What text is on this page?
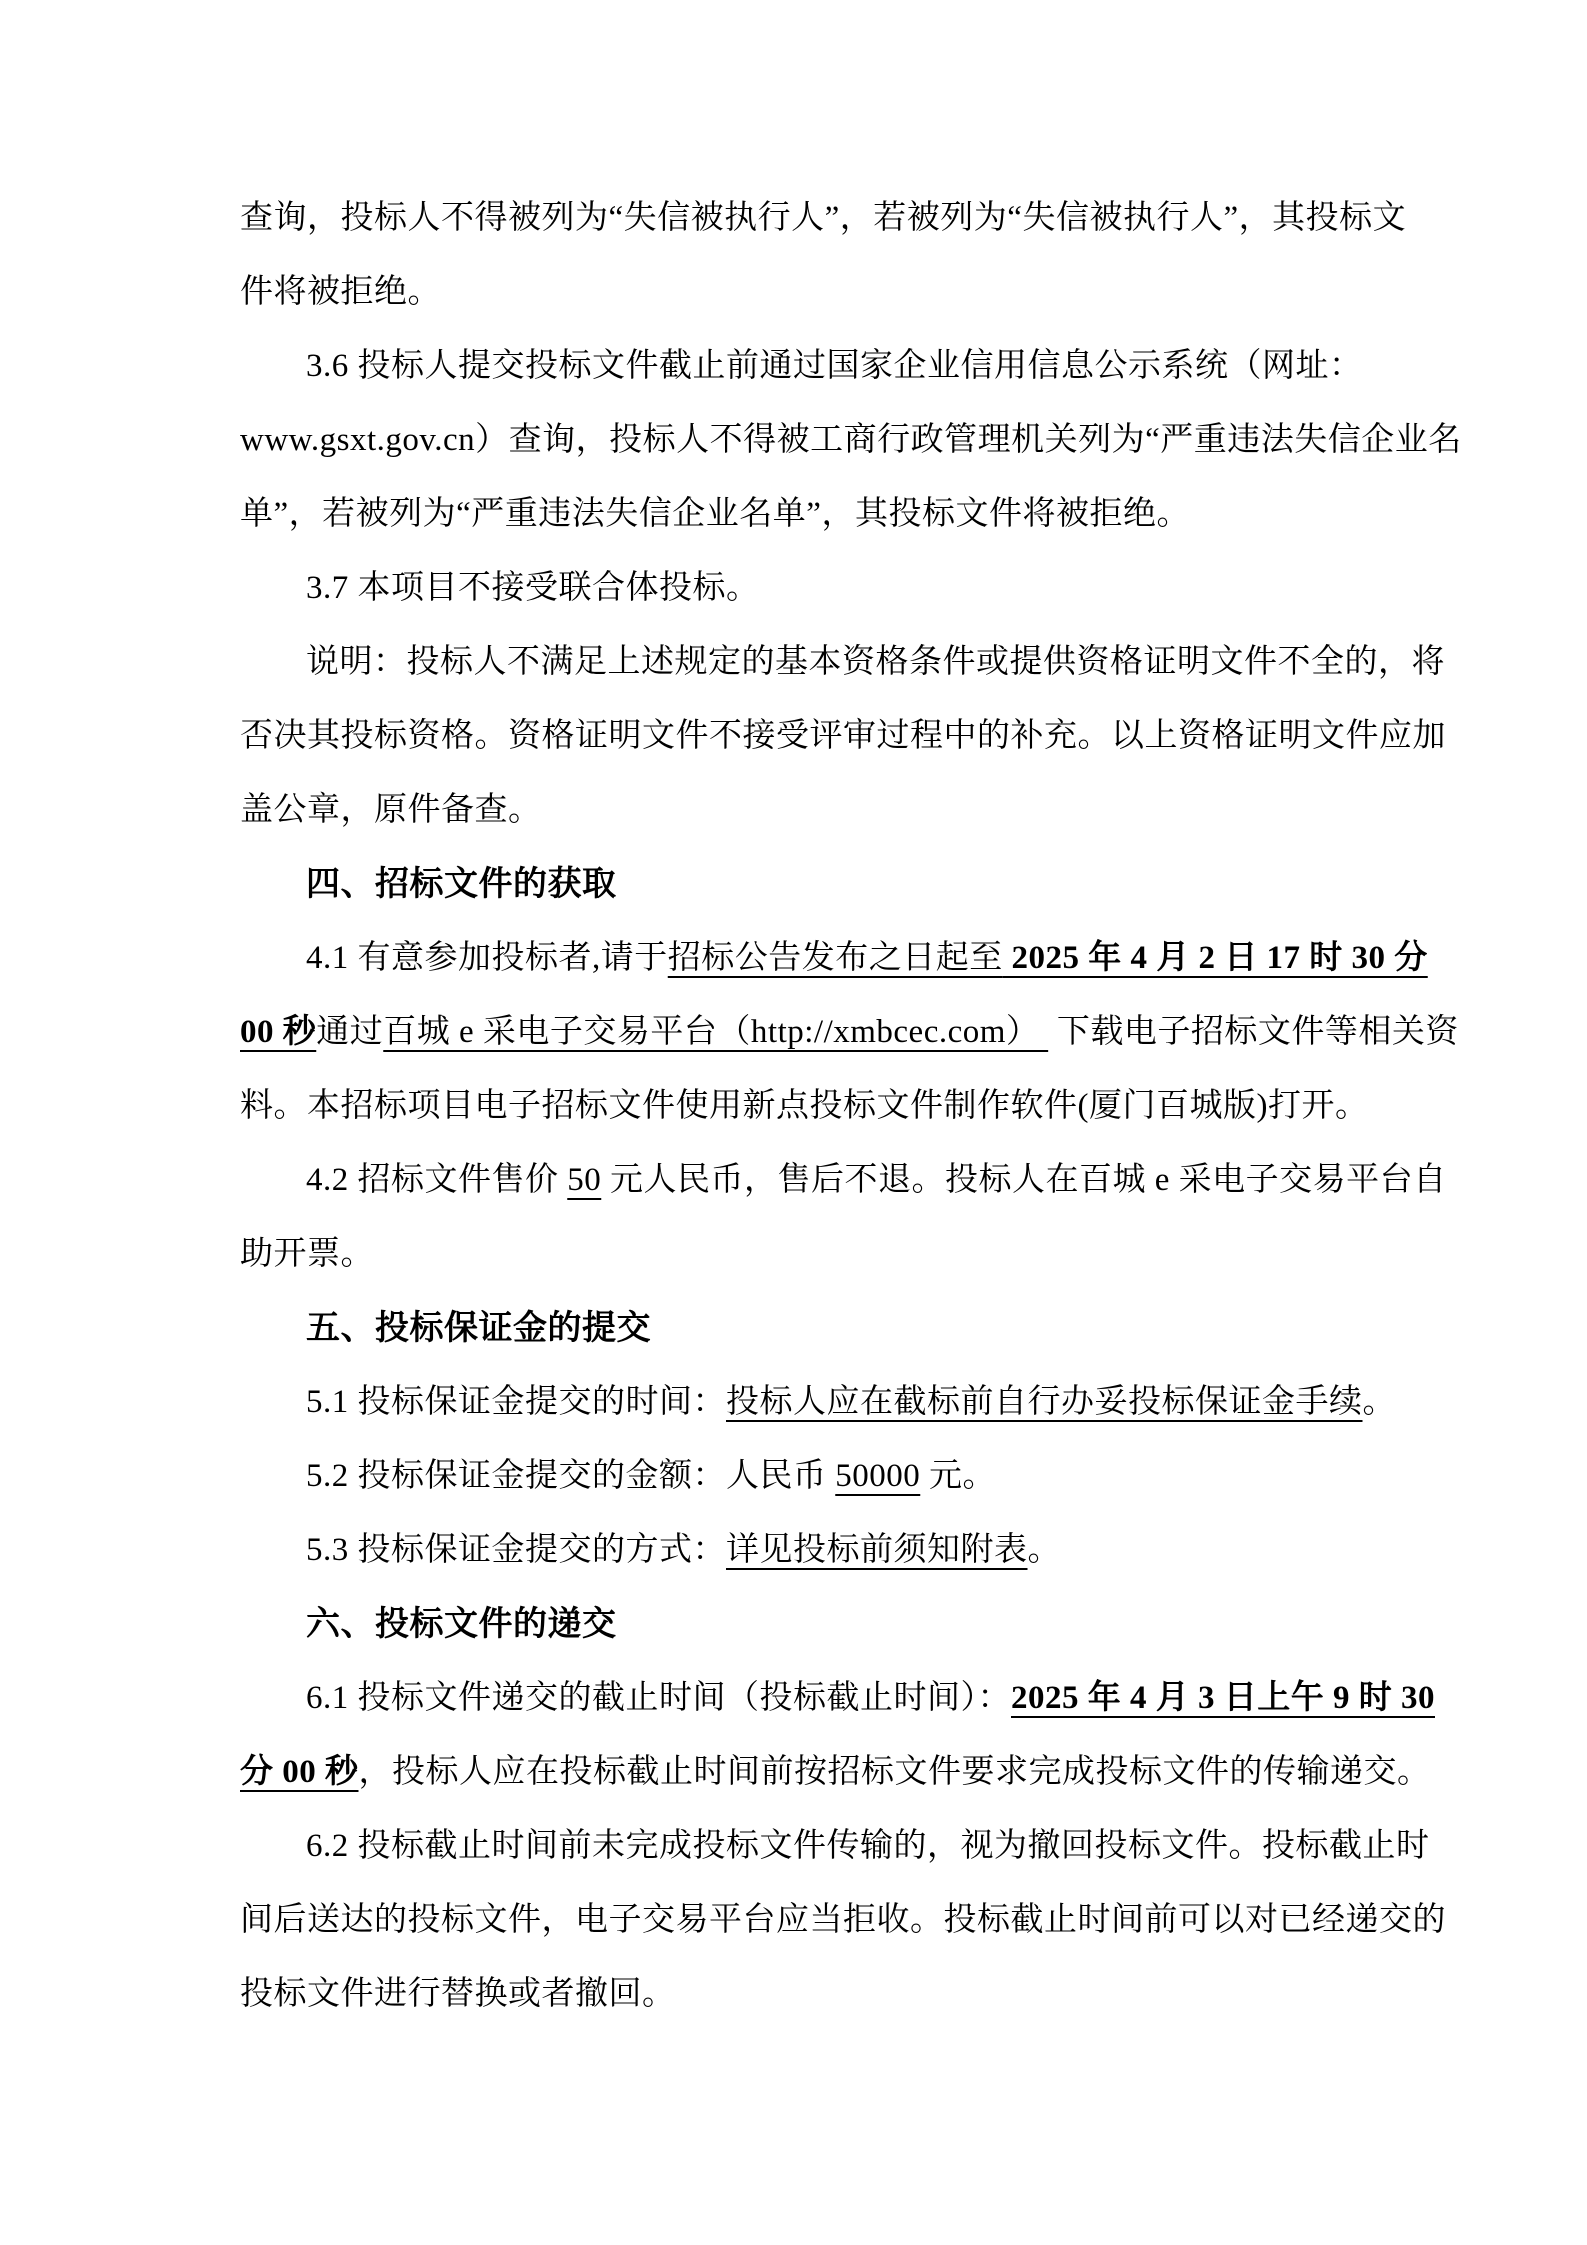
查询，投标人不得被列为“失信被执行人”，若被列为“失信被执行人”，其投标文
件将被拒绝。
3.6 投标人提交投标文件截止前通过国家企业信用信息公示系统（网址：
www.gsxt.gov.cn）查询，投标人不得被工商行政管理机关列为“严重违法失信企业名
单”，若被列为“严重违法失信企业名单”，其投标文件将被拒绝。
3.7 本项目不接受联合体投标。
说明：投标人不满足上述规定的基本资格条件或提供资格证明文件不全的，将
否决其投标资格。资格证明文件不接受评审过程中的补充。以上资格证明文件应加
盖公章，原件备查。
四、招标文件的获取
4.1 有意参加投标者,请于招标公告发布之日起至 2025 年 4 月 2 日 17 时 30 分
00 秒通过百城 e 采电子交易平台（http://xmbcec.com）  下载电子招标文件等相关资
料。本招标项目电子招标文件使用新点投标文件制作软件(厦门百城版)打开。
4.2 招标文件售价 50 元人民币，售后不退。投标人在百城 e 采电子交易平台自
助开票。
五、投标保证金的提交
5.1 投标保证金提交的时间：投标人应在截标前自行办妥投标保证金手续。
5.2 投标保证金提交的金额：人民币 50000 元。
5.3 投标保证金提交的方式：详见投标前须知附表。
六、投标文件的递交
6.1 投标文件递交的截止时间（投标截止时间）：2025 年 4 月 3 日上午 9 时 30
分 00 秒，投标人应在投标截止时间前按招标文件要求完成投标文件的传输递交。
6.2 投标截止时间前未完成投标文件传输的，视为撤回投标文件。投标截止时
间后送达的投标文件，电子交易平台应当拒收。投标截止时间前可以对已经递交的
投标文件进行替换或者撤回。
